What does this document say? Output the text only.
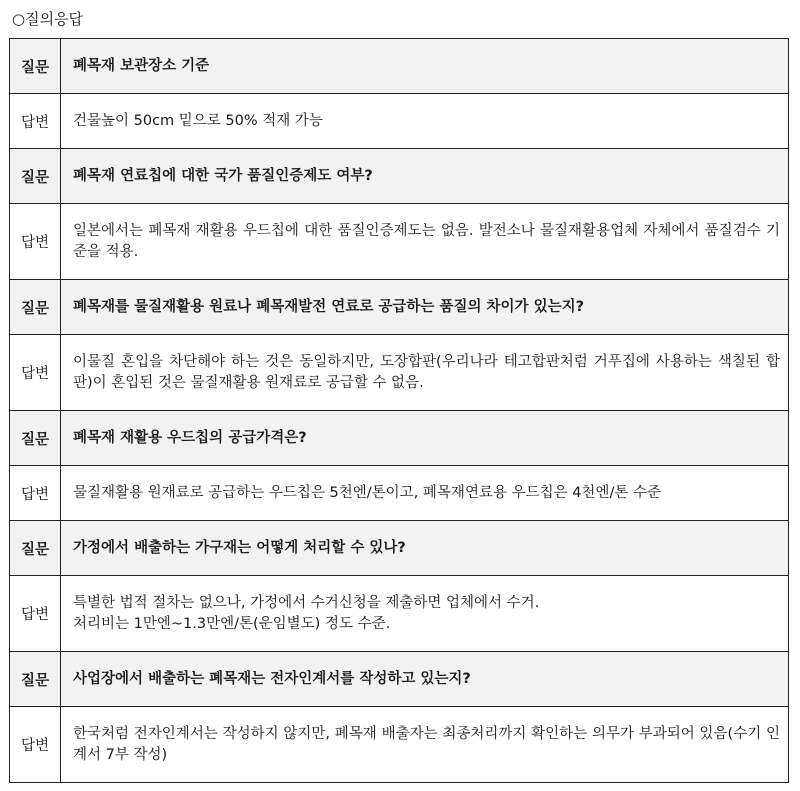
○질의응답
질문	폐목재 보관장소 기준
답변	건물높이 50cm 밑으로 50% 적재 가능
질문	폐목재 연료칩에 대한 국가 품질인증제도 여부?
답변	일본에서는 폐목재 재활용 우드칩에 대한 품질인증제도는 없음. 발전소나 물질재활용업체 자체에서 품질검수 기준을 적용.
질문	폐목재를 물질재활용 원료나 폐목재발전 연료로 공급하는 품질의 차이가 있는지?
답변	이물질 혼입을 차단해야 하는 것은 동일하지만, 도장합판(우리나라 테고합판처럼 거푸집에 사용하는 색칠된 합판)이 혼입된 것은 물질재활용 원재료로 공급할 수 없음.
질문	폐목재 재활용 우드칩의 공급가격은?
답변	물질재활용 원재료로 공급하는 우드칩은 5천엔/톤이고, 폐목재연료용 우드칩은 4천엔/톤 수준
질문	가정에서 배출하는 가구재는 어떻게 처리할 수 있나?
답변	특별한 법적 절차는 없으나, 가정에서 수거신청을 제출하면 업체에서 수거.
처리비는 1만엔~1.3만엔/톤(운임별도) 정도 수준.

질문	사업장에서 배출하는 폐목재는 전자인계서를 작성하고 있는지?
답변	한국처럼 전자인계서는 작성하지 않지만, 폐목재 배출자는 최종처리까지 확인하는 의무가 부과되어 있음(수기 인계서 7부 작성)
